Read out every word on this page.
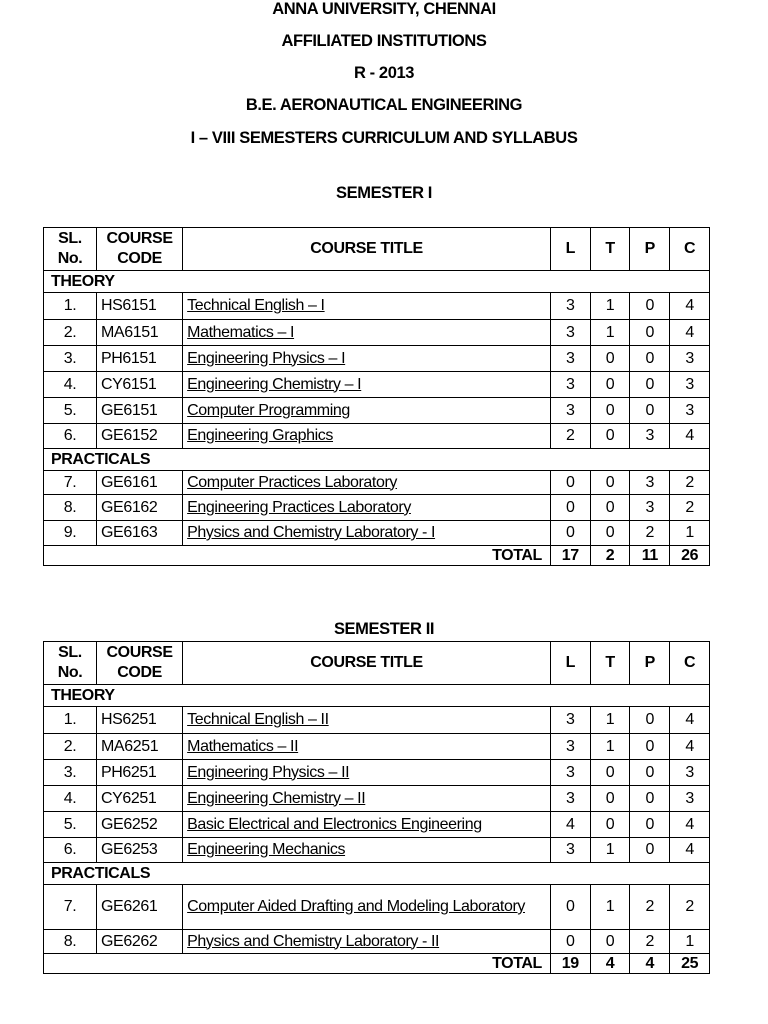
ANNA UNIVERSITY, CHENNAI
AFFILIATED INSTITUTIONS
R - 2013
B.E. AERONAUTICAL ENGINEERING
I – VIII SEMESTERS CURRICULUM AND SYLLABUS
SEMESTER I
SL. No.	COURSE CODE	COURSE TITLE	L	T	P	C
THEORY						
1.	HS6151	Technical English – I	3	1	0	4
2.	MA6151	Mathematics – I	3	1	0	4
3.	PH6151	Engineering Physics – I	3	0	0	3
4.	CY6151	Engineering Chemistry – I	3	0	0	3
5.	GE6151	Computer Programming	3	0	0	3
6.	GE6152	Engineering Graphics	2	0	3	4
PRACTICALS						
7.	GE6161	Computer Practices Laboratory	0	0	3	2
8.	GE6162	Engineering Practices Laboratory	0	0	3	2
9.	GE6163	Physics and Chemistry Laboratory - I	0	0	2	1
TOTAL			17	2	11	26
SEMESTER II
SL. No.	COURSE CODE	COURSE TITLE	L	T	P	C
THEORY						
1.	HS6251	Technical English – II	3	1	0	4
2.	MA6251	Mathematics – II	3	1	0	4
3.	PH6251	Engineering Physics – II	3	0	0	3
4.	CY6251	Engineering Chemistry – II	3	0	0	3
5.	GE6252	Basic Electrical and Electronics Engineering	4	0	0	4
6.	GE6253	Engineering Mechanics	3	1	0	4
PRACTICALS						
7.	GE6261	Computer Aided Drafting and Modeling Laboratory	0	1	2	2
8.	GE6262	Physics and Chemistry Laboratory - II	0	0	2	1
TOTAL			19	4	4	25
